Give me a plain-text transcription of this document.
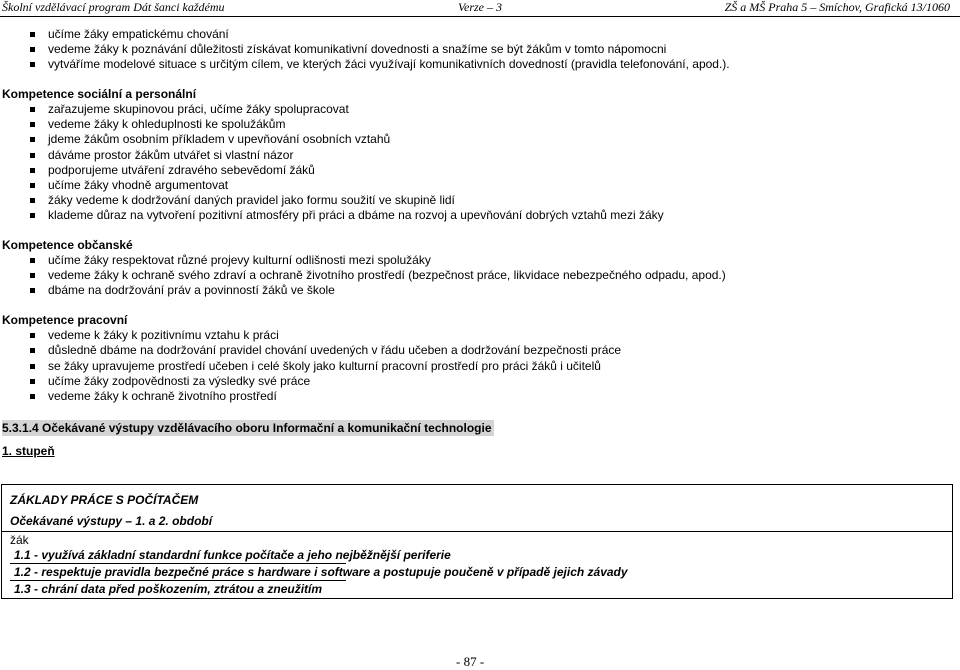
Školní vzdělávací program Dát šanci každému	Verze – 3	ZŠ a MŠ Praha 5 – Smíchov, Grafická 13/1060
učíme žáky empatickému chování
vedeme žáky k poznávání důležitosti získávat komunikativní dovednosti a snažíme se být žákům v tomto nápomocni
vytváříme modelové situace s určitým cílem, ve kterých žáci využívají komunikativních dovedností (pravidla telefonování, apod.).
Kompetence sociální a personální
zařazujeme skupinovou práci, učíme žáky spolupracovat
vedeme žáky k ohleduplnosti ke spolužákům
jdeme žákům osobním příkladem v upevňování osobních vztahů
dáváme prostor žákům utvářet si vlastní názor
podporujeme utváření zdravého sebevědomí žáků
učíme žáky vhodně argumentovat
žáky vedeme k dodržování daných pravidel jako formu soužití ve skupině lidí
klademe důraz na vytvoření pozitivní atmosféry při práci a dbáme na rozvoj a upevňování dobrých vztahů mezi žáky
Kompetence občanské
učíme žáky respektovat různé projevy kulturní odlišnosti mezi spolužáky
vedeme žáky k ochraně svého zdraví a ochraně životního prostředí (bezpečnost práce, likvidace nebezpečného odpadu, apod.)
dbáme na dodržování práv a povinností žáků ve škole
Kompetence pracovní
vedeme k žáky k pozitivnímu vztahu k práci
důsledně dbáme na dodržování pravidel chování uvedených v řádu učeben a dodržování bezpečnosti práce
se žáky upravujeme prostředí učeben i celé školy jako kulturní pracovní prostředí pro práci žáků i učitelů
učíme žáky zodpovědnosti za výsledky své práce
vedeme žáky k ochraně životního prostředí
5.3.1.4 Očekávané výstupy vzdělávacího oboru Informační a komunikační technologie
1. stupeň
ZÁKLADY PRÁCE S POČÍTAČEM
Očekávané výstupy – 1. a 2. období
žák
1.1 - využívá základní standardní funkce počítače a jeho nejběžnější periferie
1.2 - respektuje pravidla bezpečné práce s hardware i software a postupuje poučeně v případě jejich závady
1.3 - chrání data před poškozením, ztrátou a zneužitím
- 87 -
